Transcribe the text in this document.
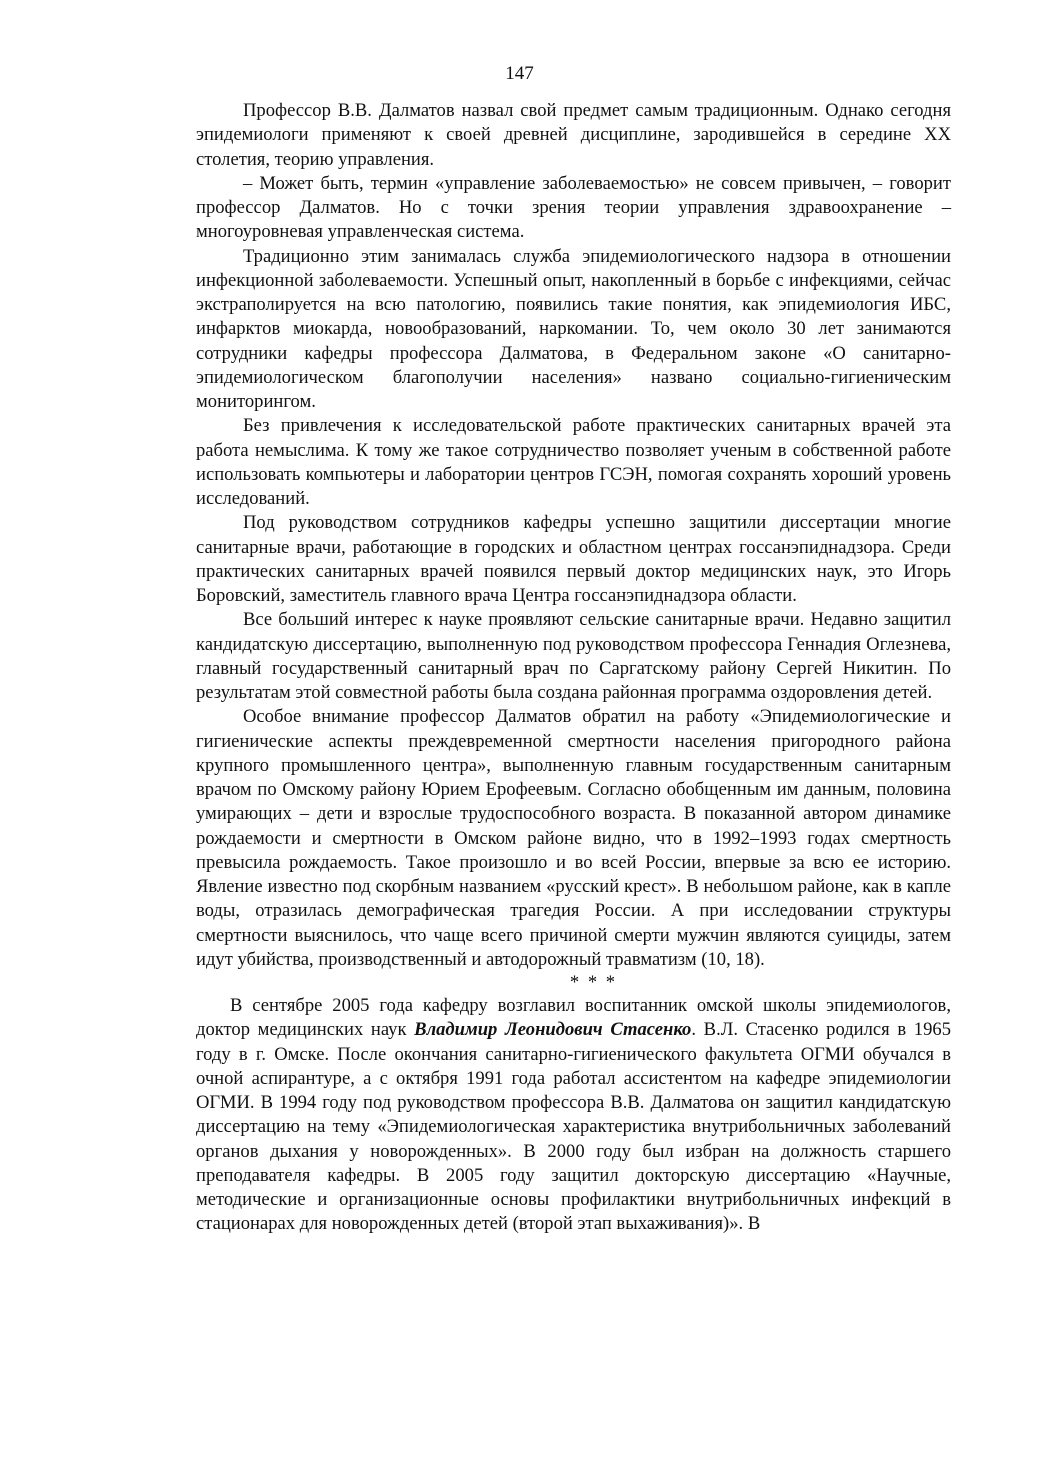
147

Профессор В.В. Далматов назвал свой предмет самым традиционным. Однако сегодня эпидемиологи применяют к своей древней дисциплине, зародившейся в середине XX столетия, теорию управления.

– Может быть, термин «управление заболеваемостью» не совсем привычен, – говорит профессор Далматов. Но с точки зрения теории управления здравоохранение – многоуровневая управленческая система.

Традиционно этим занималась служба эпидемиологического надзора в отношении инфекционной заболеваемости. Успешный опыт, накопленный в борьбе с инфекциями, сейчас экстраполируется на всю патологию, появились такие понятия, как эпидемиология ИБС, инфарктов миокарда, новообразований, наркомании. То, чем около 30 лет занимаются сотрудники кафедры профессора Далматова, в Федеральном законе «О санитарно-эпидемиологическом благополучии населения» названо социально-гигиеническим мониторингом.

Без привлечения к исследовательской работе практических санитарных врачей эта работа немыслима. К тому же такое сотрудничество позволяет ученым в собственной работе использовать компьютеры и лаборатории центров ГСЭН, помогая сохранять хороший уровень исследований.

Под руководством сотрудников кафедры успешно защитили диссертации многие санитарные врачи, работающие в городских и областном центрах госсанэпиднадзора. Среди практических санитарных врачей появился первый доктор медицинских наук, это Игорь Боровский, заместитель главного врача Центра госсанэпиднадзора области.

Все больший интерес к науке проявляют сельские санитарные врачи. Недавно защитил кандидатскую диссертацию, выполненную под руководством профессора Геннадия Оглезнева, главный государственный санитарный врач по Саргатскому району Сергей Никитин. По результатам этой совместной работы была создана районная программа оздоровления детей.

Особое внимание профессор Далматов обратил на работу «Эпидемиологические и гигиенические аспекты преждевременной смертности населения пригородного района крупного промышленного центра», выполненную главным государственным санитарным врачом по Омскому району Юрием Ерофеевым. Согласно обобщенным им данным, половина умирающих – дети и взрослые трудоспособного возраста. В показанной автором динамике рождаемости и смертности в Омском районе видно, что в 1992–1993 годах смертность превысила рождаемость. Такое произошло и во всей России, впервые за всю ее историю. Явление известно под скорбным названием «русский крест». В небольшом районе, как в капле воды, отразилась демографическая трагедия России. А при исследовании структуры смертности выяснилось, что чаще всего причиной смерти мужчин являются суициды, затем идут убийства, производственный и автодорожный травматизм (10, 18).

* * *

В сентябре 2005 года кафедру возглавил воспитанник омской школы эпидемиологов, доктор медицинских наук Владимир Леонидович Стасенко. В.Л. Стасенко родился в 1965 году в г. Омске. После окончания санитарно-гигиенического факультета ОГМИ обучался в очной аспирантуре, а с октября 1991 года работал ассистентом на кафедре эпидемиологии ОГМИ. В 1994 году под руководством профессора В.В. Далматова он защитил кандидатскую диссертацию на тему «Эпидемиологическая характеристика внутрибольничных заболеваний органов дыхания у новорожденных». В 2000 году был избран на должность старшего преподавателя кафедры. В 2005 году защитил докторскую диссертацию «Научные, методические и организационные основы профилактики внутрибольничных инфекций в стационарах для новорожденных детей (второй этап выхаживания)». В
